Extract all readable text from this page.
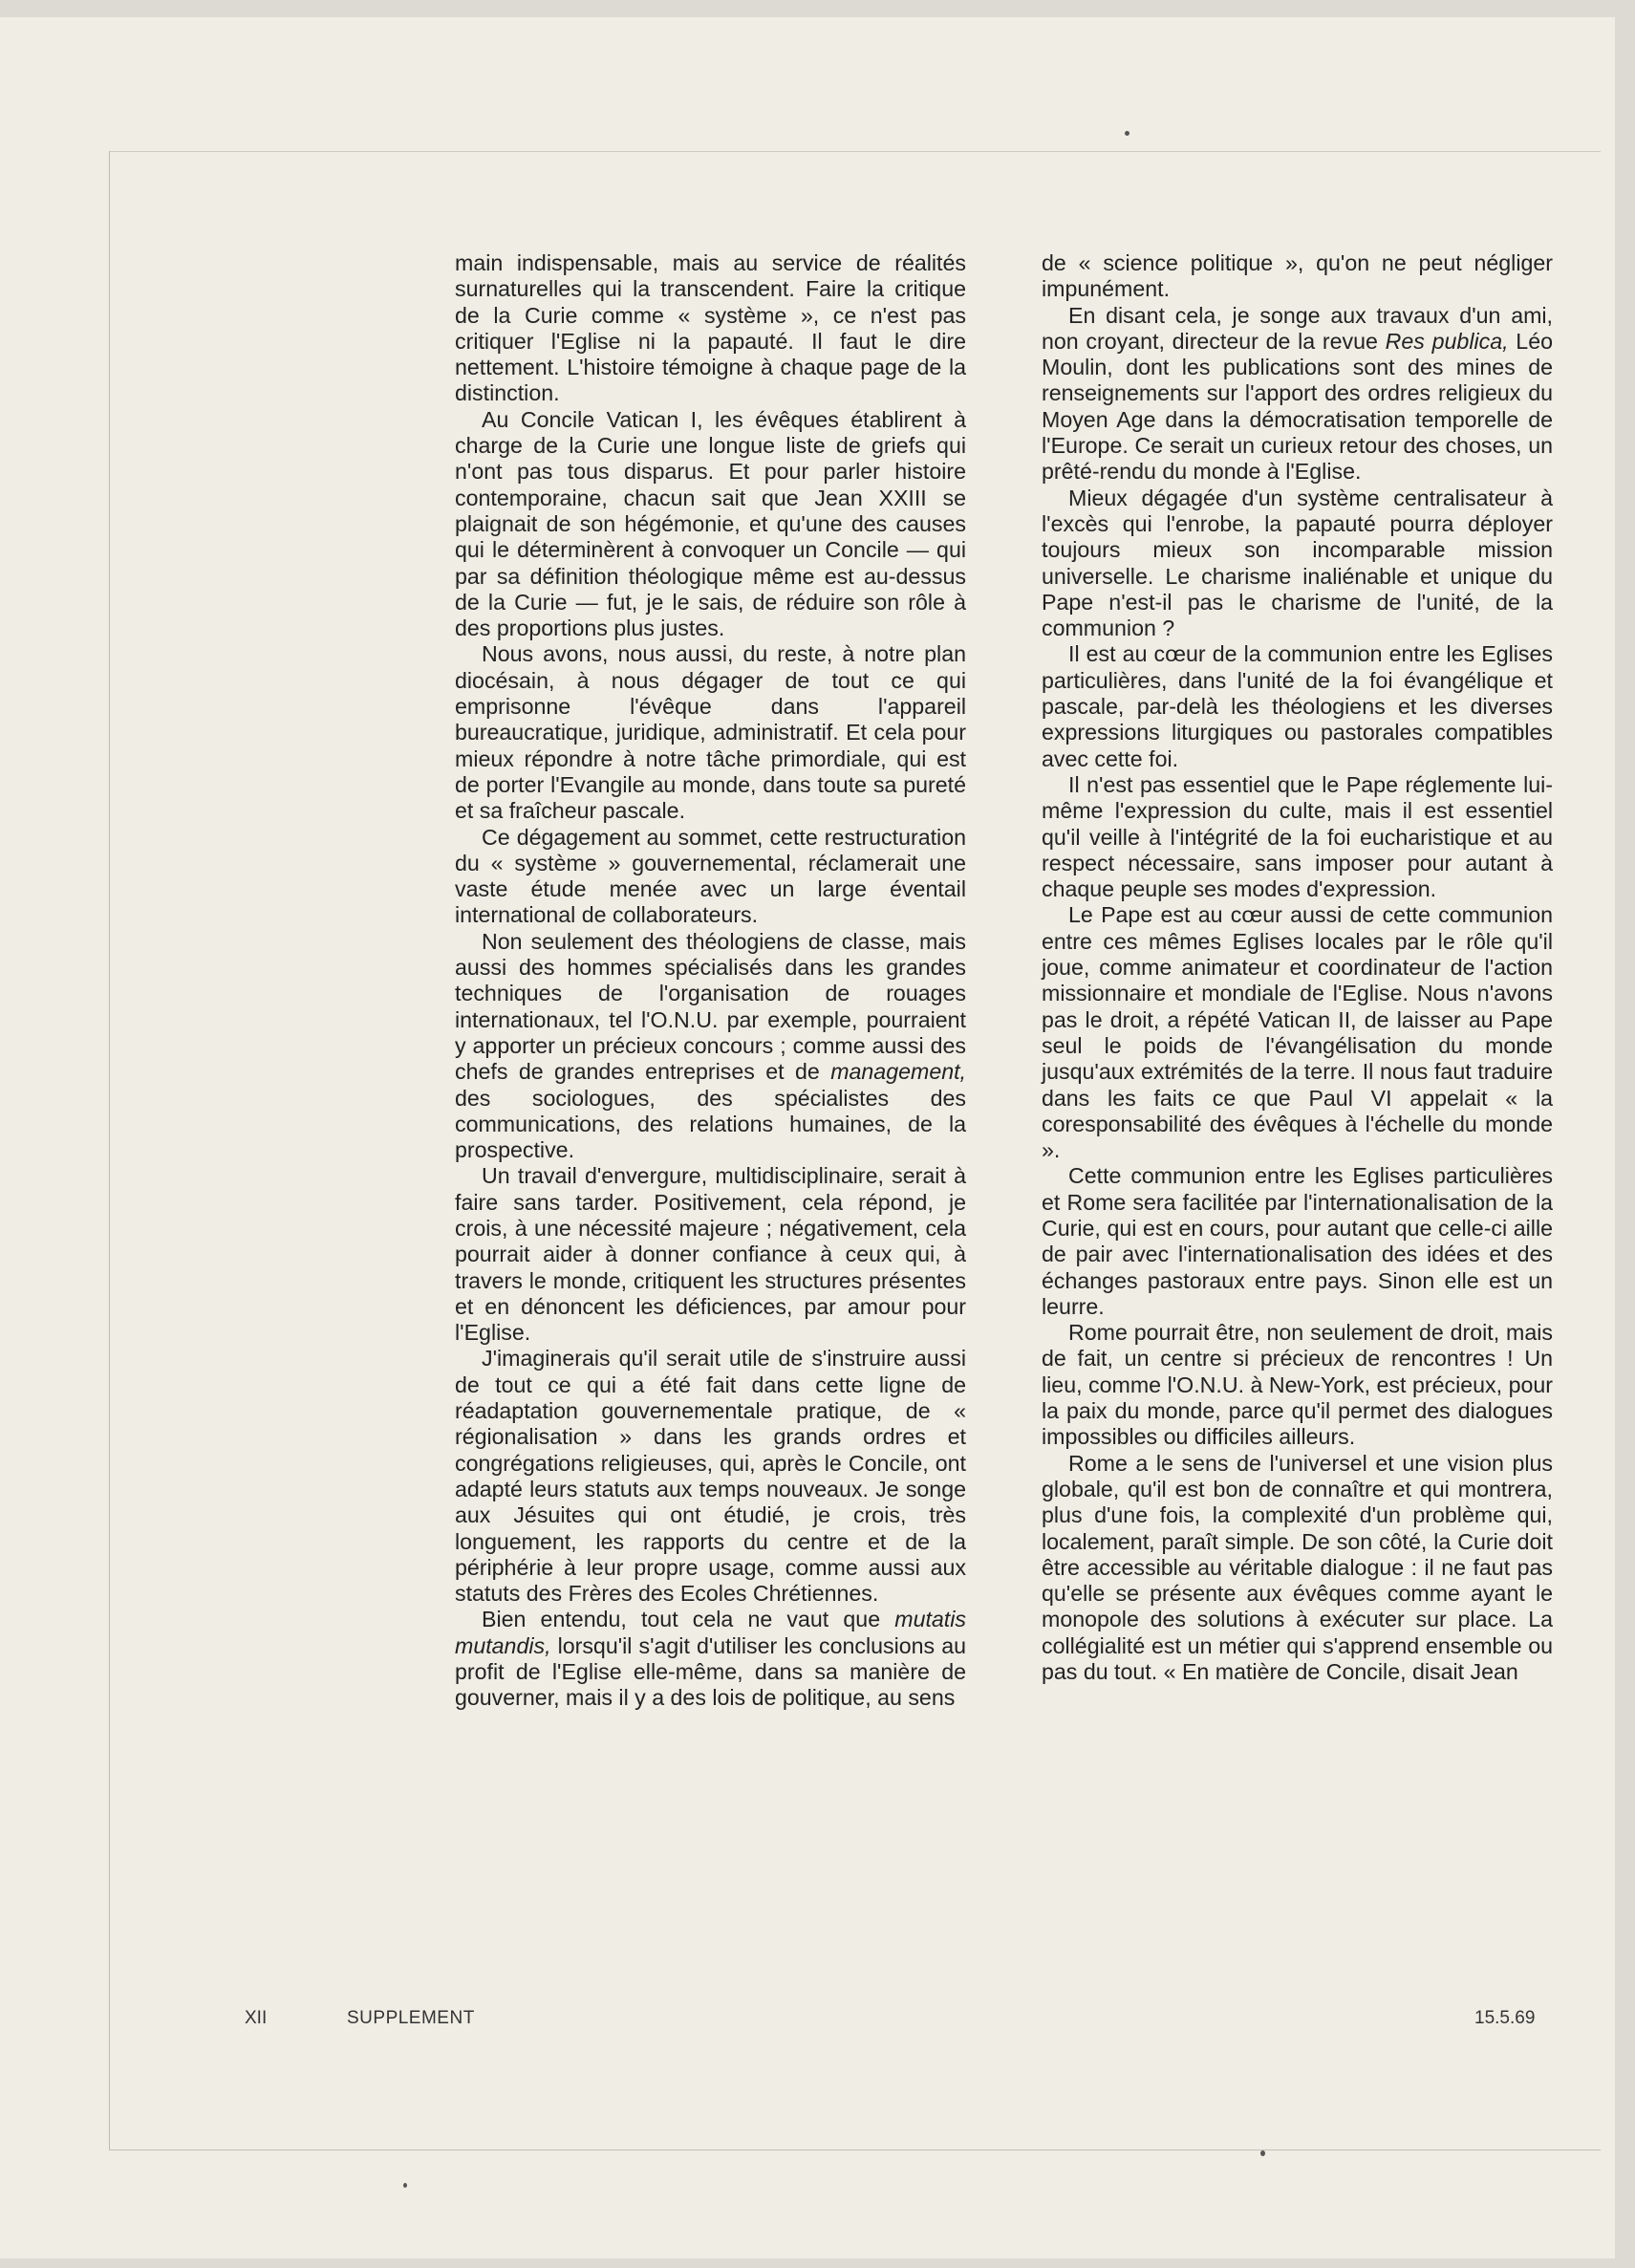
main indispensable, mais au service de réalités surnaturelles qui la transcendent. Faire la critique de la Curie comme « système », ce n'est pas critiquer l'Eglise ni la papauté. Il faut le dire nettement. L'histoire témoigne à chaque page de la distinction.

Au Concile Vatican I, les évêques établirent à charge de la Curie une longue liste de griefs qui n'ont pas tous disparus. Et pour parler histoire contemporaine, chacun sait que Jean XXIII se plaignait de son hégémonie, et qu'une des causes qui le déterminèrent à convoquer un Concile — qui par sa définition théologique même est au-dessus de la Curie — fut, je le sais, de réduire son rôle à des proportions plus justes.

Nous avons, nous aussi, du reste, à notre plan diocésain, à nous dégager de tout ce qui emprisonne l'évêque dans l'appareil bureaucratique, juridique, administratif. Et cela pour mieux répondre à notre tâche primordiale, qui est de porter l'Evangile au monde, dans toute sa pureté et sa fraîcheur pascale.

Ce dégagement au sommet, cette restructuration du « système » gouvernemental, réclamerait une vaste étude menée avec un large éventail international de collaborateurs.

Non seulement des théologiens de classe, mais aussi des hommes spécialisés dans les grandes techniques de l'organisation de rouages internationaux, tel l'O.N.U. par exemple, pourraient y apporter un précieux concours ; comme aussi des chefs de grandes entreprises et de management, des sociologues, des spécialistes des communications, des relations humaines, de la prospective.

Un travail d'envergure, multidisciplinaire, serait à faire sans tarder. Positivement, cela répond, je crois, à une nécessité majeure ; négativement, cela pourrait aider à donner confiance à ceux qui, à travers le monde, critiquent les structures présentes et en dénoncent les déficiences, par amour pour l'Eglise.

J'imaginerais qu'il serait utile de s'instruire aussi de tout ce qui a été fait dans cette ligne de réadaptation gouvernementale pratique, de « régionalisation » dans les grands ordres et congrégations religieuses, qui, après le Concile, ont adapté leurs statuts aux temps nouveaux. Je songe aux Jésuites qui ont étudié, je crois, très longuement, les rapports du centre et de la périphérie à leur propre usage, comme aussi aux statuts des Frères des Ecoles Chrétiennes.

Bien entendu, tout cela ne vaut que mutatis mutandis, lorsqu'il s'agit d'utiliser les conclusions au profit de l'Eglise elle-même, dans sa manière de gouverner, mais il y a des lois de politique, au sens

de « science politique », qu'on ne peut négliger impunément.

En disant cela, je songe aux travaux d'un ami, non croyant, directeur de la revue Res publica, Léo Moulin, dont les publications sont des mines de renseignements sur l'apport des ordres religieux du Moyen Age dans la démocratisation temporelle de l'Europe. Ce serait un curieux retour des choses, un prêté-rendu du monde à l'Eglise.

Mieux dégagée d'un système centralisateur à l'excès qui l'enrobe, la papauté pourra déployer toujours mieux son incomparable mission universelle. Le charisme inaliénable et unique du Pape n'est-il pas le charisme de l'unité, de la communion ?

Il est au cœur de la communion entre les Eglises particulières, dans l'unité de la foi évangélique et pascale, par-delà les théologiens et les diverses expressions liturgiques ou pastorales compatibles avec cette foi.

Il n'est pas essentiel que le Pape réglemente lui-même l'expression du culte, mais il est essentiel qu'il veille à l'intégrité de la foi eucharistique et au respect nécessaire, sans imposer pour autant à chaque peuple ses modes d'expression.

Le Pape est au cœur aussi de cette communion entre ces mêmes Eglises locales par le rôle qu'il joue, comme animateur et coordinateur de l'action missionnaire et mondiale de l'Eglise. Nous n'avons pas le droit, a répété Vatican II, de laisser au Pape seul le poids de l'évangélisation du monde jusqu'aux extrémités de la terre. Il nous faut traduire dans les faits ce que Paul VI appelait « la coresponsabilité des évêques à l'échelle du monde ».

Cette communion entre les Eglises particulières et Rome sera facilitée par l'internationalisation de la Curie, qui est en cours, pour autant que celle-ci aille de pair avec l'internationalisation des idées et des échanges pastoraux entre pays. Sinon elle est un leurre.

Rome pourrait être, non seulement de droit, mais de fait, un centre si précieux de rencontres ! Un lieu, comme l'O.N.U. à New-York, est précieux, pour la paix du monde, parce qu'il permet des dialogues impossibles ou difficiles ailleurs.

Rome a le sens de l'universel et une vision plus globale, qu'il est bon de connaître et qui montrera, plus d'une fois, la complexité d'un problème qui, localement, paraît simple. De son côté, la Curie doit être accessible au véritable dialogue : il ne faut pas qu'elle se présente aux évêques comme ayant le monopole des solutions à exécuter sur place. La collégialité est un métier qui s'apprend ensemble ou pas du tout. « En matière de Concile, disait Jean

XII	SUPPLEMENT	15.5.69
